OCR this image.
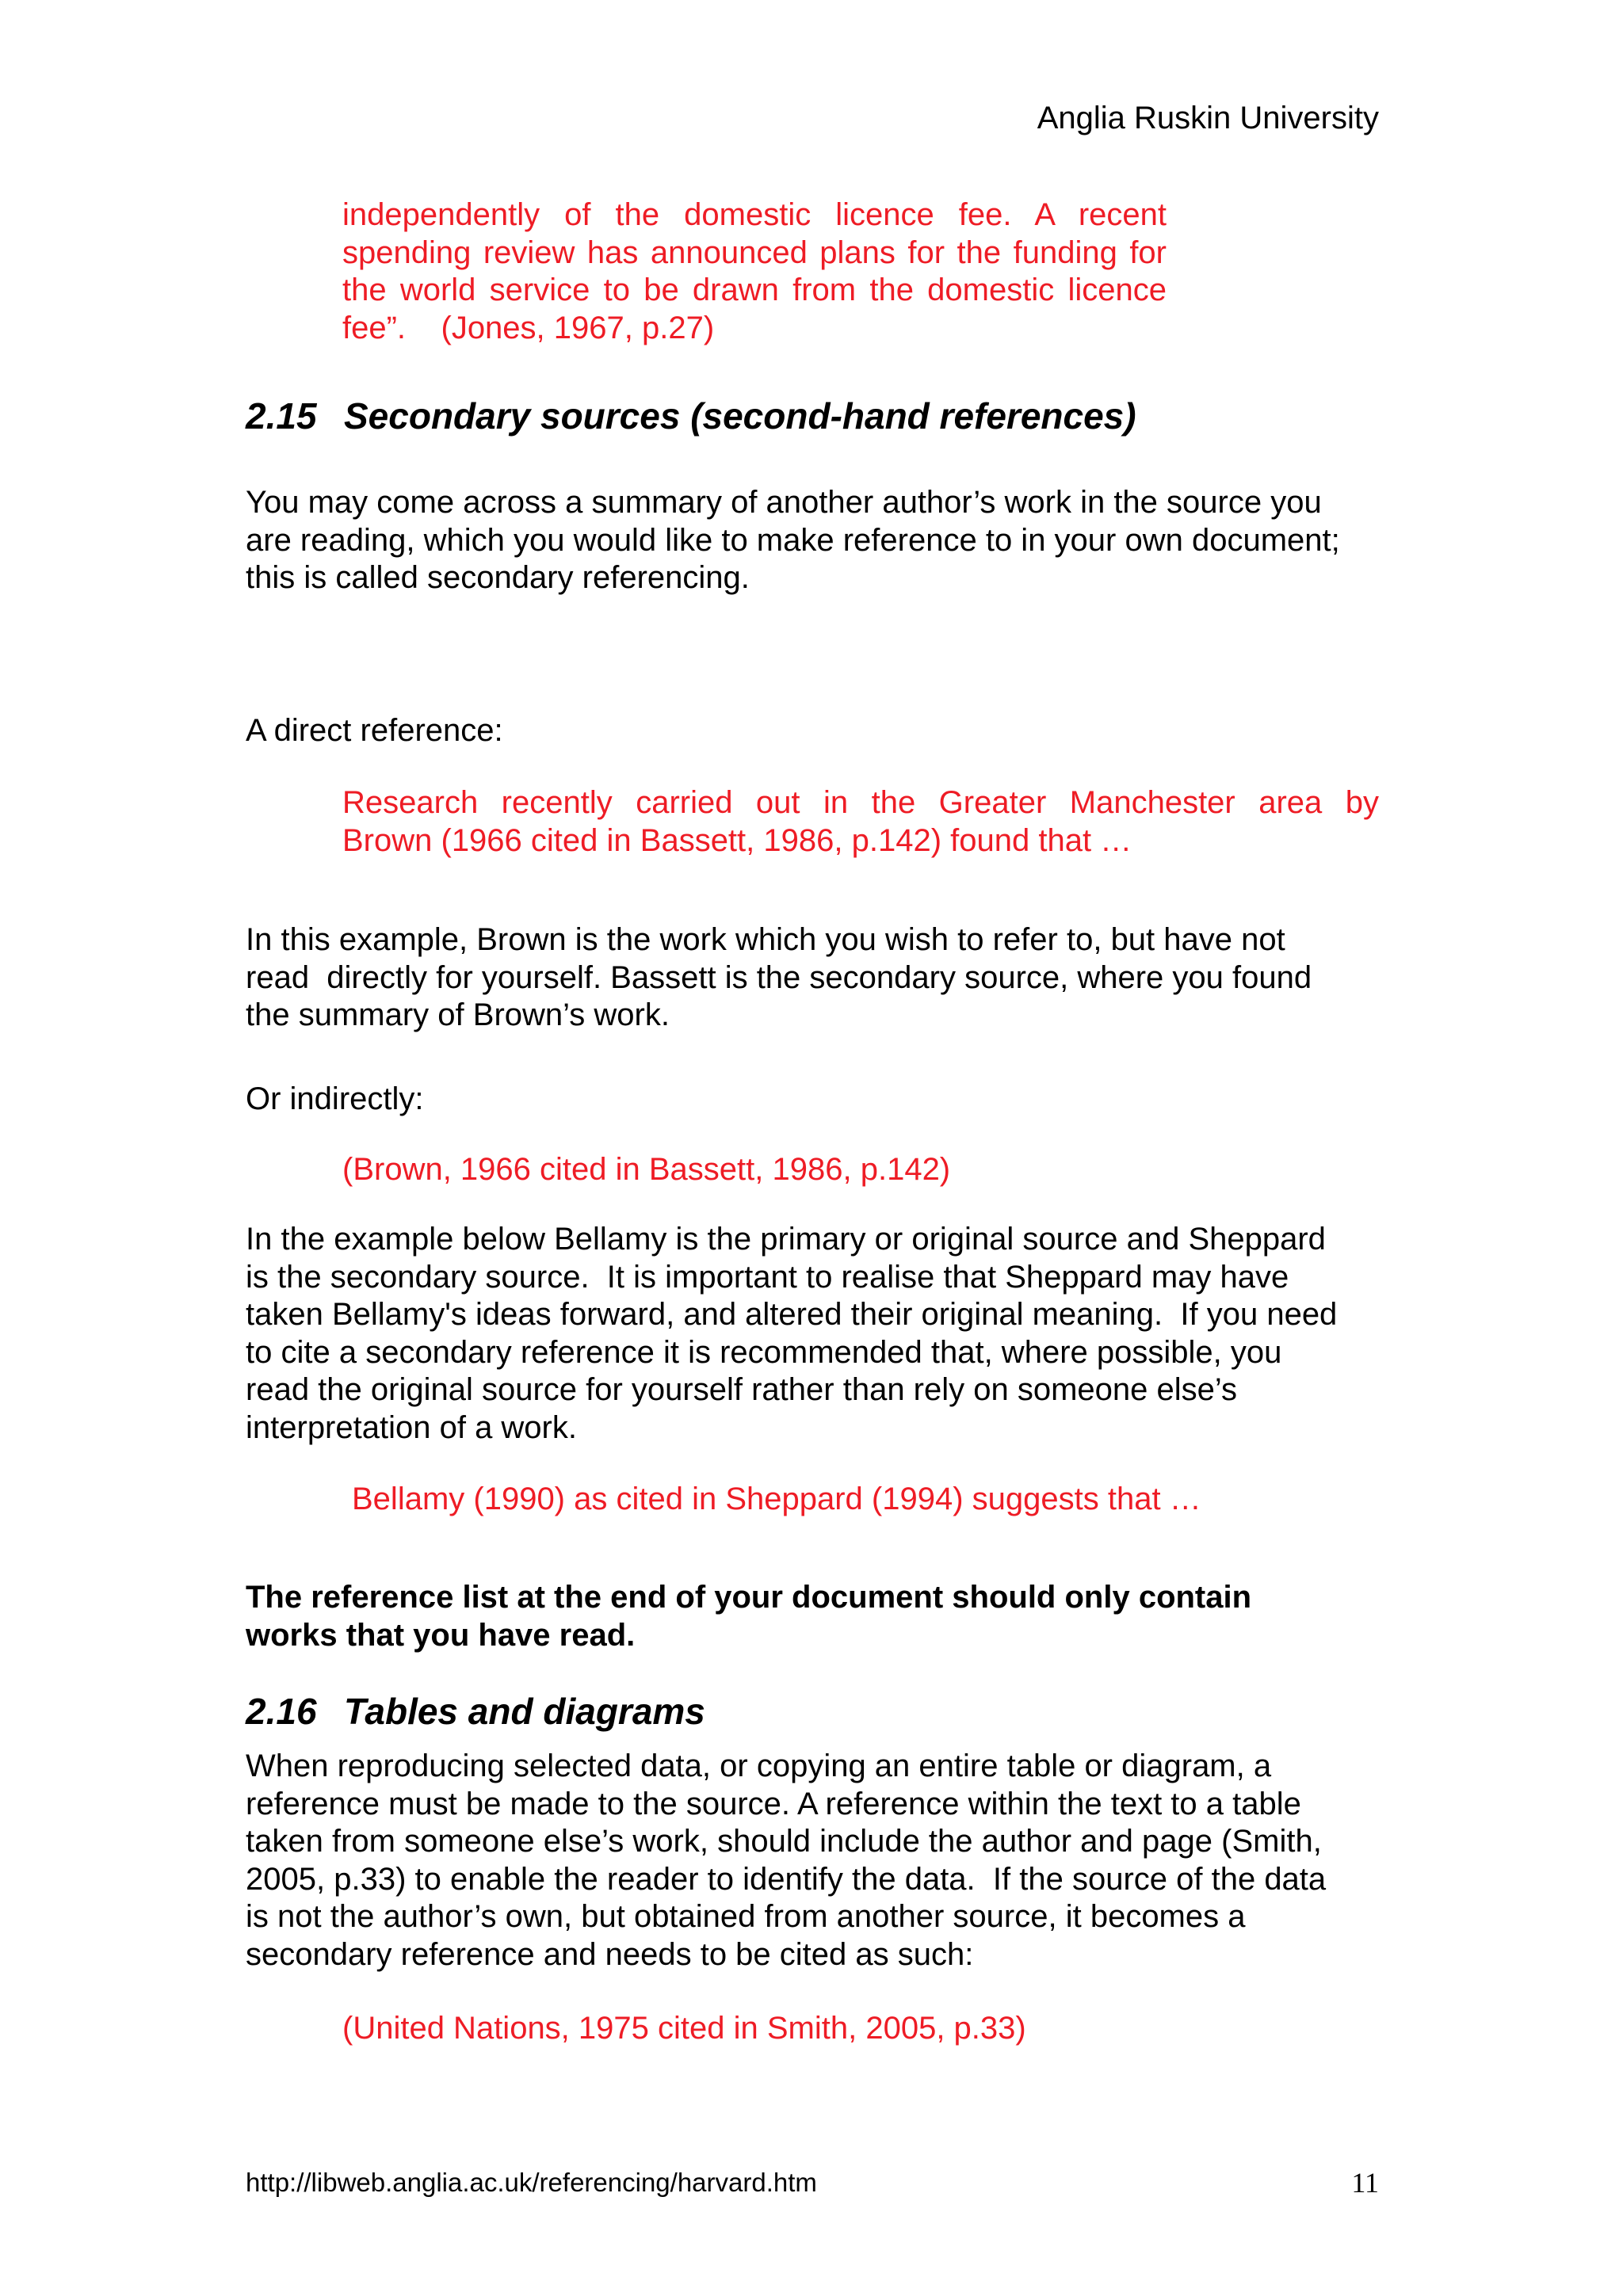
Anglia Ruskin University
independently of the domestic licence fee. A recent
spending review has announced plans for the funding for
the world service to be drawn from the domestic licence
fee”.    (Jones, 1967, p.27)
2.15 Secondary sources (second-hand references)
You may come across a summary of another author’s work in the source you
are reading, which you would like to make reference to in your own document;
this is called secondary referencing.
A direct reference:
Research recently carried out in the Greater Manchester area by
Brown (1966 cited in Bassett, 1986, p.142) found that …
In this example, Brown is the work which you wish to refer to, but have not
read  directly for yourself. Bassett is the secondary source, where you found
the summary of Brown’s work.
Or indirectly:
(Brown, 1966 cited in Bassett, 1986, p.142)
In the example below Bellamy is the primary or original source and Sheppard
is the secondary source.  It is important to realise that Sheppard may have
taken Bellamy's ideas forward, and altered their original meaning.  If you need
to cite a secondary reference it is recommended that, where possible, you
read the original source for yourself rather than rely on someone else’s
interpretation of a work.
Bellamy (1990) as cited in Sheppard (1994) suggests that …
The reference list at the end of your document should only contain
works that you have read.
2.16 Tables and diagrams
When reproducing selected data, or copying an entire table or diagram, a
reference must be made to the source. A reference within the text to a table
taken from someone else’s work, should include the author and page (Smith,
2005, p.33) to enable the reader to identify the data.  If the source of the data
is not the author’s own, but obtained from another source, it becomes a
secondary reference and needs to be cited as such:
(United Nations, 1975 cited in Smith, 2005, p.33)
http://libweb.anglia.ac.uk/referencing/harvard.htm	11
